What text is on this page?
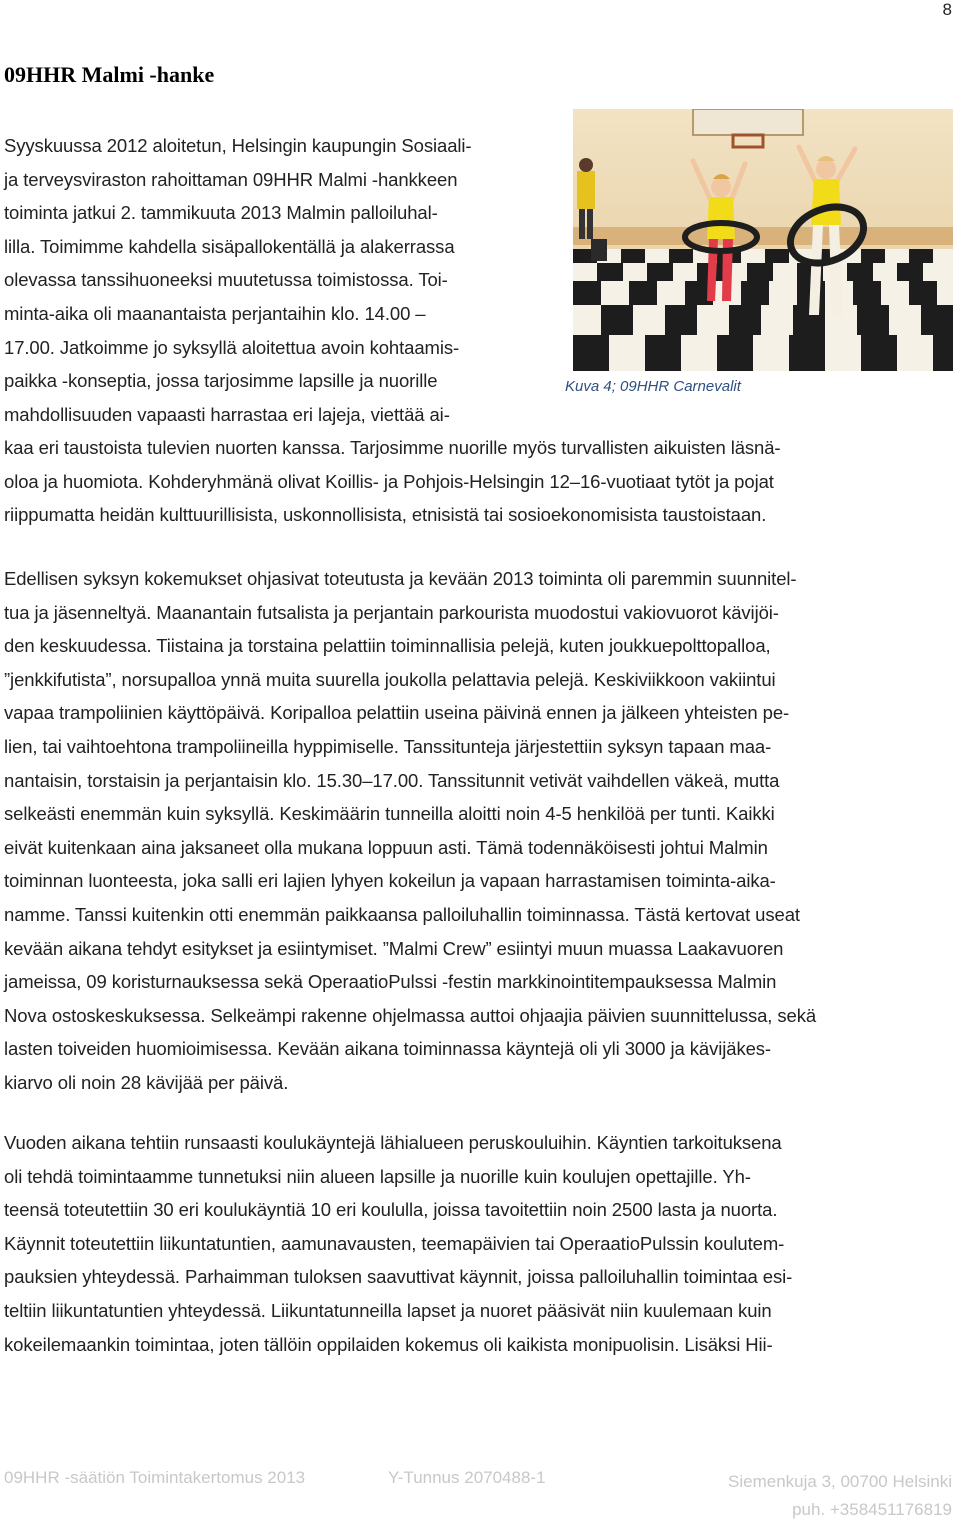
8
09HHR Malmi -hanke
Syyskuussa 2012 aloitetun, Helsingin kaupungin Sosiaali-
ja terveysviraston rahoittaman 09HHR Malmi -hankkeen
toiminta jatkui 2. tammikuuta 2013 Malmin palloiluhal-
lilla. Toimimme kahdella sisäpallokentällä ja alakerrassa
olevassa tanssihuoneeksi muutetussa toimistossa. Toi-
minta-aika oli maanantaista perjantaihin klo. 14.00 –
17.00. Jatkoimme jo syksyllä aloitettua avoin kohtaamis-
paikka -konseptia, jossa tarjosimme lapsille ja nuorille
mahdollisuuden vapaasti harrastaa eri lajeja, viettää ai-
Kuva 4; 09HHR Carnevalit
kaa eri taustoista tulevien nuorten kanssa. Tarjosimme nuorille myös turvallisten aikuisten läsnä-
oloa ja huomiota. Kohderyhmänä olivat Koillis- ja Pohjois-Helsingin 12–16-vuotiaat tytöt ja pojat
riippumatta heidän kulttuurillisista, uskonnollisista, etnisistä tai sosioekonomisista taustoistaan.
Edellisen syksyn kokemukset ohjasivat toteutusta ja kevään 2013 toiminta oli paremmin suunnitel-
tua ja jäsenneltyä. Maanantain futsalista ja perjantain parkourista muodostui vakiovuorot kävijöi-
den keskuudessa. Tiistaina ja torstaina pelattiin toiminnallisia pelejä, kuten joukkuepolttopalloa,
”jenkkifutista”, norsupalloa ynnä muita suurella joukolla pelattavia pelejä. Keskiviikkoon vakiintui
vapaa trampoliinien käyttöpäivä. Koripalloa pelattiin useina päivinä ennen ja jälkeen yhteisten pe-
lien, tai vaihtoehtona trampoliineilla hyppimiselle. Tanssitunteja järjestettiin syksyn tapaan maa-
nantaisin, torstaisin ja perjantaisin klo. 15.30–17.00. Tanssitunnit vetivät vaihdellen väkeä, mutta
selkeästi enemmän kuin syksyllä. Keskimäärin tunneilla aloitti noin 4-5 henkilöä per tunti. Kaikki
eivät kuitenkaan aina jaksaneet olla mukana loppuun asti. Tämä todennäköisesti johtui Malmin
toiminnan luonteesta, joka salli eri lajien lyhyen kokeilun ja vapaan harrastamisen toiminta-aika-
namme. Tanssi kuitenkin otti enemmän paikkaansa palloiluhallin toiminnassa. Tästä kertovat useat
kevään aikana tehdyt esitykset ja esiintymiset. ”Malmi Crew” esiintyi muun muassa Laakavuoren
jameissa, 09 koristurnauksessa sekä OperaatioPulssi -festin markkinointitempauksessa Malmin
Nova ostoskeskuksessa. Selkeämpi rakenne ohjelmassa auttoi ohjaajia päivien suunnittelussa, sekä
lasten toiveiden huomioimisessa. Kevään aikana toiminnassa käyntejä oli yli 3000 ja kävijäkes-
kiarvo oli noin 28 kävijää per päivä.
Vuoden aikana tehtiin runsaasti koulukäyntejä lähialueen peruskouluihin. Käyntien tarkoituksena
oli tehdä toimintaamme tunnetuksi niin alueen lapsille ja nuorille kuin koulujen opettajille. Yh-
teensä toteutettiin 30 eri koulukäyntiä 10 eri koululla, joissa tavoitettiin noin 2500 lasta ja nuorta.
Käynnit toteutettiin liikuntatuntien, aamunavausten, teemapäivien tai OperaatioPulssin koulutem-
pauksien yhteydessä. Parhaimman tuloksen saavuttivat käynnit, joissa palloiluhallin toimintaa esi-
teltiin liikuntatuntien yhteydessä. Liikuntatunneilla lapset ja nuoret pääsivät niin kuulemaan kuin
kokeilemaankin toimintaa, joten tällöin oppilaiden kokemus oli kaikista monipuolisin. Lisäksi Hii-
09HHR -säätiön Toimintakertomus 2013	Y-Tunnus 2070488-1	Siemenkuja 3, 00700 Helsinki
puh. +358451176819
